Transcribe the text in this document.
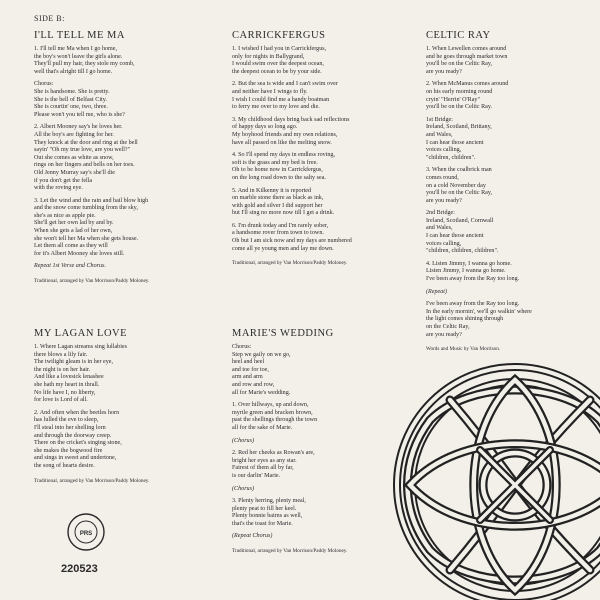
SIDE B:
I'LL TELL ME MA
1. I'll tell me Ma when I go home,
the boy's won't leave the girls alone.
They'll pull my hair, they stole my comb,
well that's alright till I go home.
Chorus:
She is handsome. She is pretty.
She is the bell of Belfast City.
She is courtin' one, two, three.
Please won't you tell me, who is she?
2. Albert Mooney say's he loves her.
All the boy's are fighting for her.
They knock at the door and ring at the bell
sayin' "Oh my true love, are you well?"
Out she comes as white as snow,
rings on her fingers and bells on her toes.
Old Jenny Murray say's she'll die
if you don't get the fella
with the roving eye.
3. Let the wind and the rain and hail blow high
and the snow come tumbling from the sky,
she's as nice as apple pie.
She'll get her own lad by and by.
When she gets a lad of her own,
she won't tell her Ma when she gets house.
Let them all come as they will
for it's Albert Mooney she loves still.
Repeat 1st Verse and Chorus.
Traditional, arranged by Van Morrison/Paddy Moloney.
CARRICKFERGUS
1. I wished I had you in Carrickfergus,
only for nights in Ballygrand,
I would swim over the deepest ocean,
the deepest ocean to be by your side.
2. But the sea is wide and I can't swim over
and neither have I wings to fly.
I wish I could find me a handy boatman
to ferry me over to my love and die.
3. My childhood days bring back sad reflections
of happy days so long ago.
My boyhood friends and my own relations,
have all passed on like the melting snow.
4. So I'll spend my days in endless roving,
soft is the grass and my bed is free.
Oh to be home now in Carrickfergus,
on the long road down to the salty sea.
5. And in Kilkenny it is reported
on marble stone there as black as ink,
with gold and silver I did support her
but I'll sing no more now till I get a drink.
6. I'm drunk today and I'm rarely sober,
a handsome rover from town to town.
Oh but I am sick now and my days are numbered
come all ye young men and lay me down.
Traditional, arranged by Van Morrison/Paddy Moloney.
CELTIC RAY
1. When Lewellen comes around
and he goes through market town
you'll be on the Celtic Ray,
are you ready?
2. When McManus comes around
on his early morning round
cryin' "Herrin' O'Ray"
you'll be on the Celtic Ray.
1st Bridge:
Ireland, Scotland, Brittany,
and Wales,
I can hear those ancient
voices calling,
"children, children".
3. When the coalbrick man
comes round,
on a cold November day
you'll be on the Celtic Ray,
are you ready?
2nd Bridge:
Ireland, Scotland, Cornwall
and Wales,
I can hear those ancient
voices calling,
"children, children, children".
4. Listen Jimmy, I wanna go home.
Listen Jimmy, I wanna go home.
I've been away from the Ray too long.
(Repeat)
I've been away from the Ray too long.
In the early mornin', we'll go walkin' where
the light comes shining through
on the Celtic Ray,
are you ready?
Words and Music by Van Morrison.
MY LAGAN LOVE
1. Where Lagan streams sing lullabies
there blows a lily fair.
The twilight gleam is in her eye,
the night is on her hair.
And like a lovesick lenashee
she hath my heart in thrall.
No life have I, no liberty,
for love is Lord of all.
2. And often when the beetles horn
has lulled the eve to sleep,
I'll steal into her shelling lorn
and through the doorway creep.
There on the cricket's singing stone,
she makes the bogwood fire
and sings in sweet and undertone,
the song of hearts desire.
Traditional, arranged by Van Morrison/Paddy Moloney.
MARIE'S WEDDING
Chorus:
Step we gaily on we go,
heel and heel
and toe for toe,
arm and arm
and row and row,
all for Marie's wedding.
1. Over hillways, up and down,
myrtle green and bracken brown,
past the shellings through the town
all for the sake of Marie.
(Chorus)
2. Red her cheeks as Rowan's are,
bright her eyes as any star.
Fairest of them all by far,
is our darlin' Marie.
(Chorus)
3. Plenty herring, plenty meal,
plenty peat to fill her keel.
Plenty bonnie bairns as well,
that's the toast for Marie.
(Repeat Chorus)
Traditional, arranged by Van Morrison/Paddy Moloney.
PRS
220523
